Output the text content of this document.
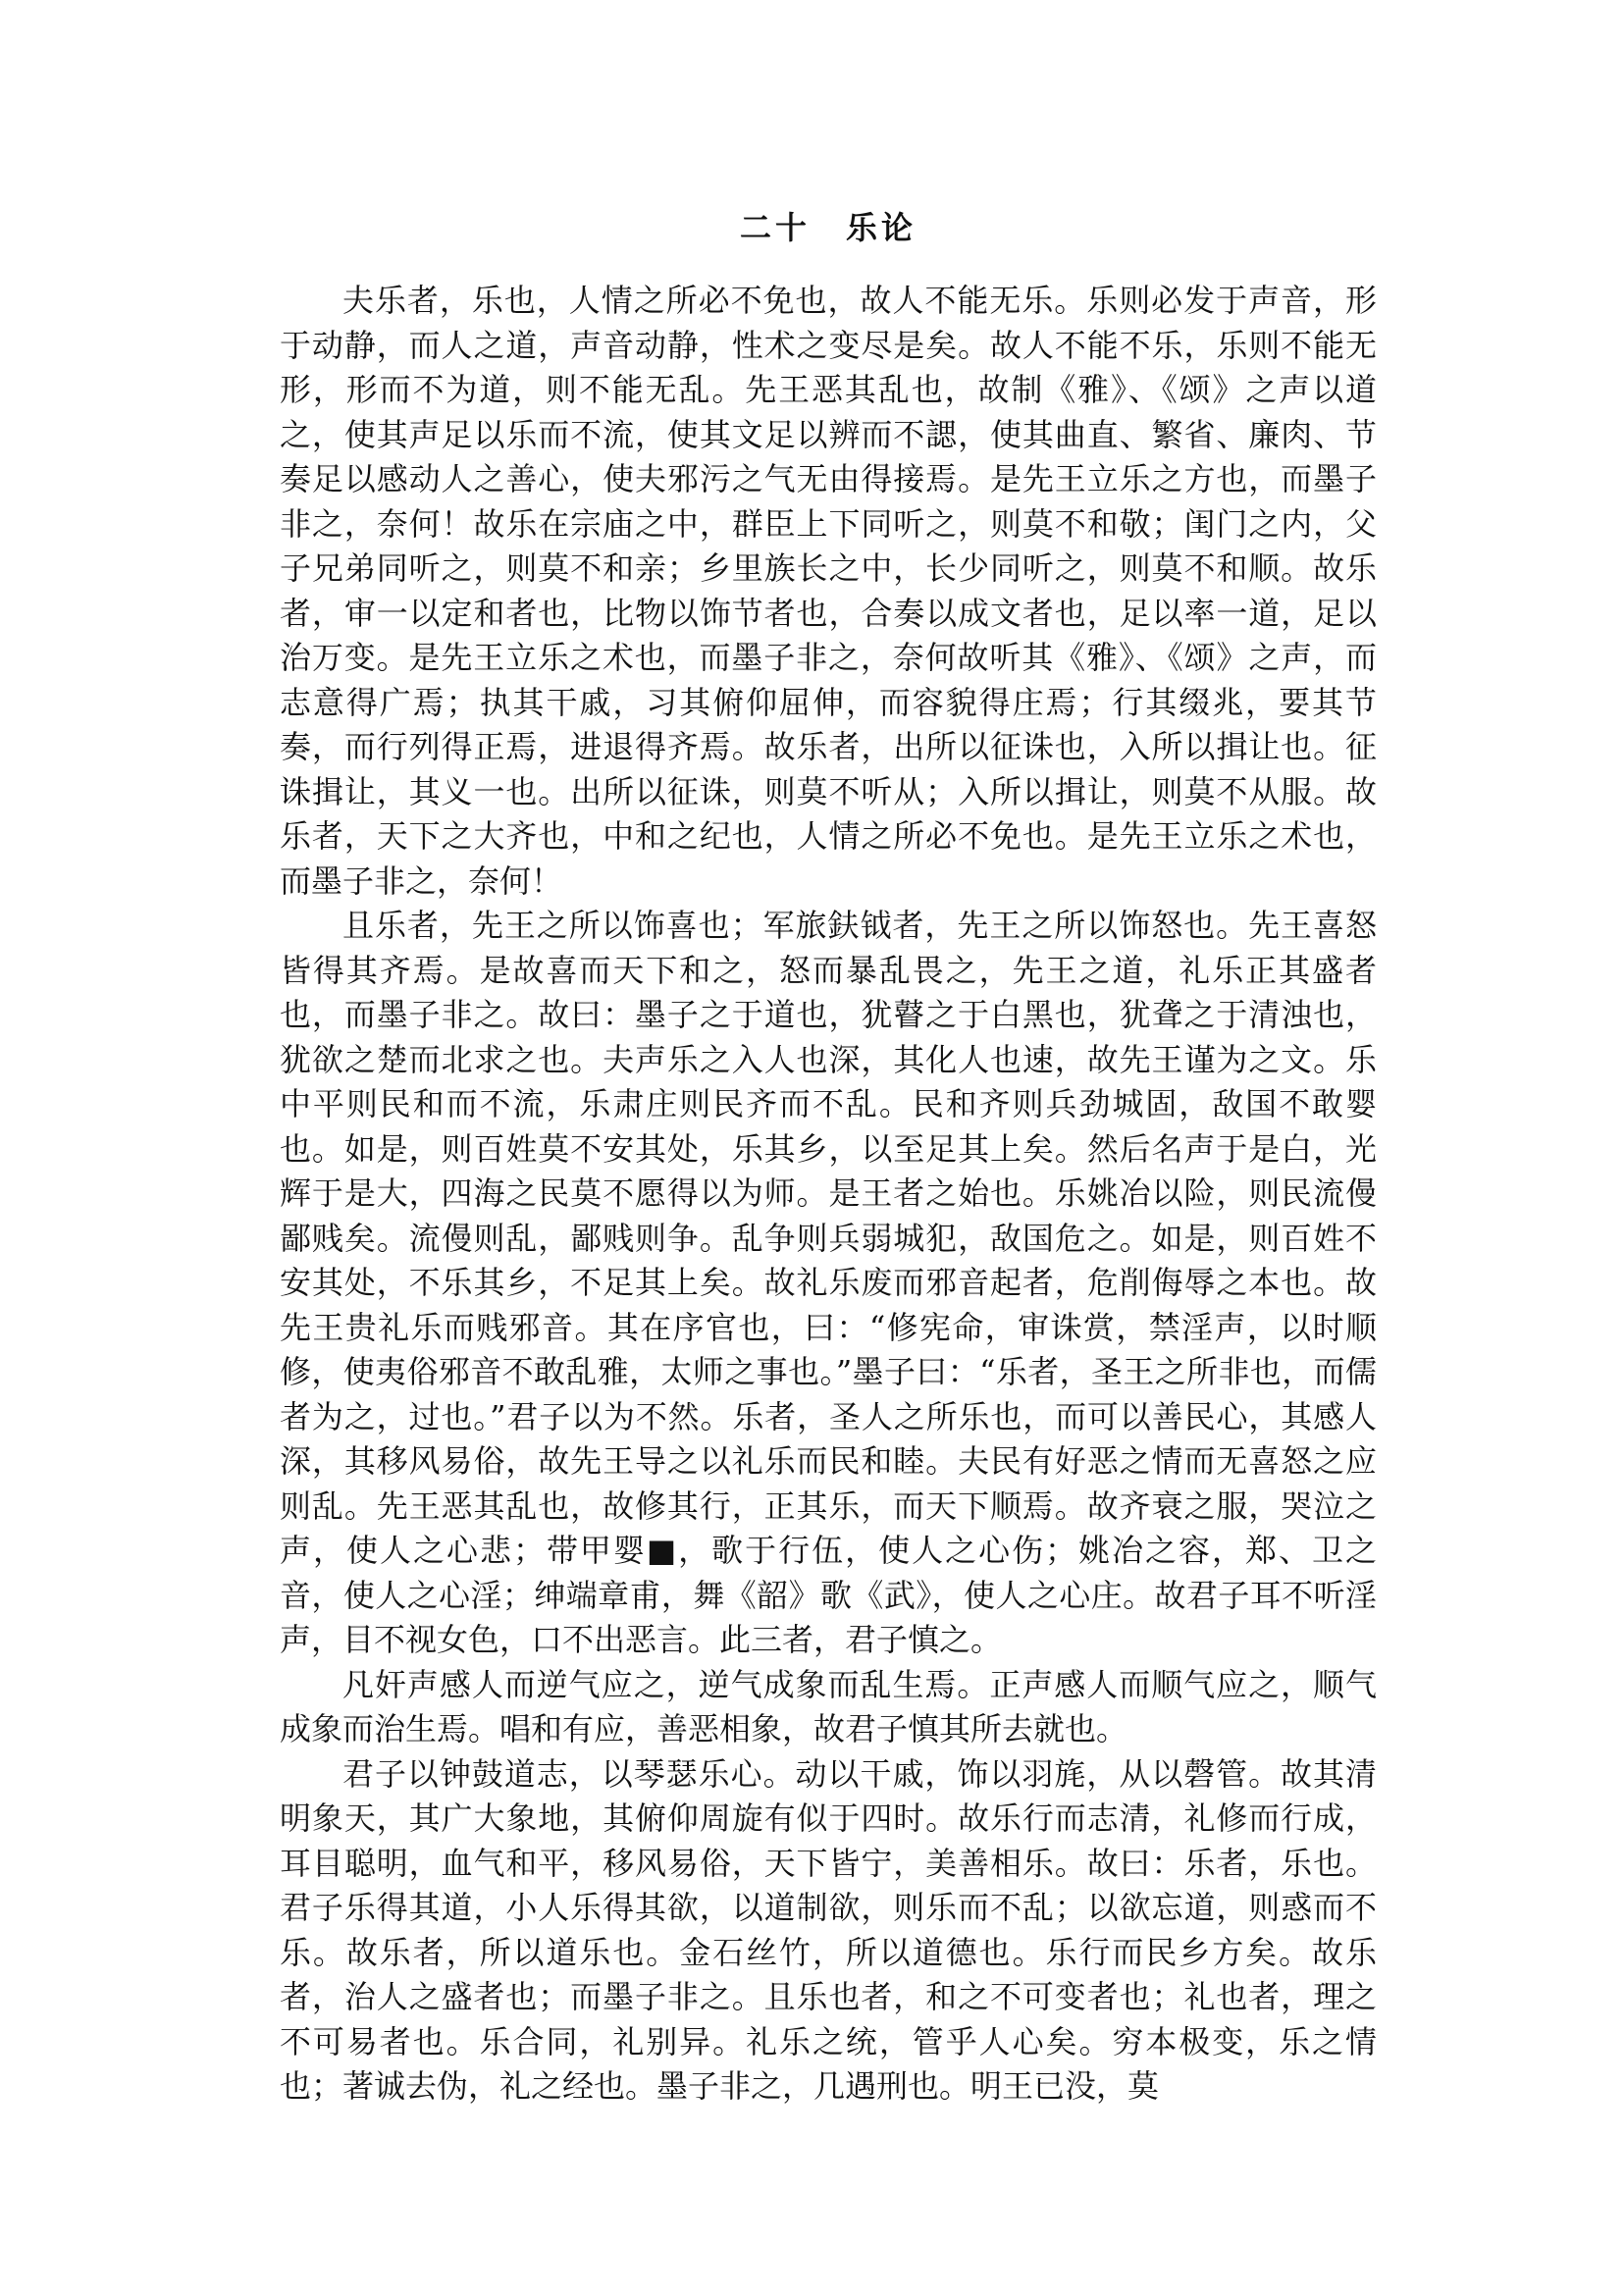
二十　乐论

夫乐者，乐也，人情之所必不免也，故人不能无乐。乐则必发于声音，形于动静，而人之道，声音动静，性术之变尽是矣。故人不能不乐，乐则不能无形，形而不为道，则不能无乱。先王恶其乱也，故制《雅》、《颂》之声以道之，使其声足以乐而不流，使其文足以辨而不諰，使其曲直、繁省、廉肉、节奏足以感动人之善心，使夫邪污之气无由得接焉。是先王立乐之方也，而墨子非之，奈何！故乐在宗庙之中，群臣上下同听之，则莫不和敬；闺门之内，父子兄弟同听之，则莫不和亲；乡里族长之中，长少同听之，则莫不和顺。故乐者，审一以定和者也，比物以饰节者也，合奏以成文者也，足以率一道，足以治万变。是先王立乐之术也，而墨子非之，奈何故听其《雅》、《颂》之声，而志意得广焉；执其干戚，习其俯仰屈伸，而容貌得庄焉；行其缀兆，要其节奏，而行列得正焉，进退得齐焉。故乐者，出所以征诛也，入所以揖让也。征诛揖让，其义一也。出所以征诛，则莫不听从；入所以揖让，则莫不从服。故乐者，天下之大齐也，中和之纪也，人情之所必不免也。是先王立乐之术也，而墨子非之，奈何！

且乐者，先王之所以饰喜也；军旅鈇钺者，先王之所以饰怒也。先王喜怒皆得其齐焉。是故喜而天下和之，怒而暴乱畏之，先王之道，礼乐正其盛者也，而墨子非之。故曰：墨子之于道也，犹瞽之于白黑也，犹聋之于清浊也，犹欲之楚而北求之也。夫声乐之入人也深，其化人也速，故先王谨为之文。乐中平则民和而不流，乐肃庄则民齐而不乱。民和齐则兵劲城固，敌国不敢婴也。如是，则百姓莫不安其处，乐其乡，以至足其上矣。然后名声于是白，光辉于是大，四海之民莫不愿得以为师。是王者之始也。乐姚冶以险，则民流僈鄙贱矣。流僈则乱，鄙贱则争。乱争则兵弱城犯，敌国危之。如是，则百姓不安其处，不乐其乡，不足其上矣。故礼乐废而邪音起者，危削侮辱之本也。故先王贵礼乐而贱邪音。其在序官也，曰：“修宪命，审诛赏，禁淫声，以时顺修，使夷俗邪音不敢乱雅，太师之事也。”墨子曰：“乐者，圣王之所非也，而儒者为之，过也。”君子以为不然。乐者，圣人之所乐也，而可以善民心，其感人深，其移风易俗，故先王导之以礼乐而民和睦。夫民有好恶之情而无喜怒之应则乱。先王恶其乱也，故修其行，正其乐，而天下顺焉。故齐衰之服，哭泣之声，使人之心悲；带甲婴■，歌于行伍，使人之心伤；姚冶之容，郑、卫之音，使人之心淫；绅端章甫，舞《韶》歌《武》，使人之心庄。故君子耳不听淫声，目不视女色，口不出恶言。此三者，君子慎之。

凡奸声感人而逆气应之，逆气成象而乱生焉。正声感人而顺气应之，顺气成象而治生焉。唱和有应，善恶相象，故君子慎其所去就也。

君子以钟鼓道志，以琴瑟乐心。动以干戚，饰以羽旄，从以磬管。故其清明象天，其广大象地，其俯仰周旋有似于四时。故乐行而志清，礼修而行成，耳目聪明，血气和平，移风易俗，天下皆宁，美善相乐。故曰：乐者，乐也。君子乐得其道，小人乐得其欲，以道制欲，则乐而不乱；以欲忘道，则惑而不乐。故乐者，所以道乐也。金石丝竹，所以道德也。乐行而民乡方矣。故乐者，治人之盛者也；而墨子非之。且乐也者，和之不可变者也；礼也者，理之不可易者也。乐合同，礼别异。礼乐之统，管乎人心矣。穷本极变，乐之情也；著诚去伪，礼之经也。墨子非之，几遇刑也。明王已没，莫
